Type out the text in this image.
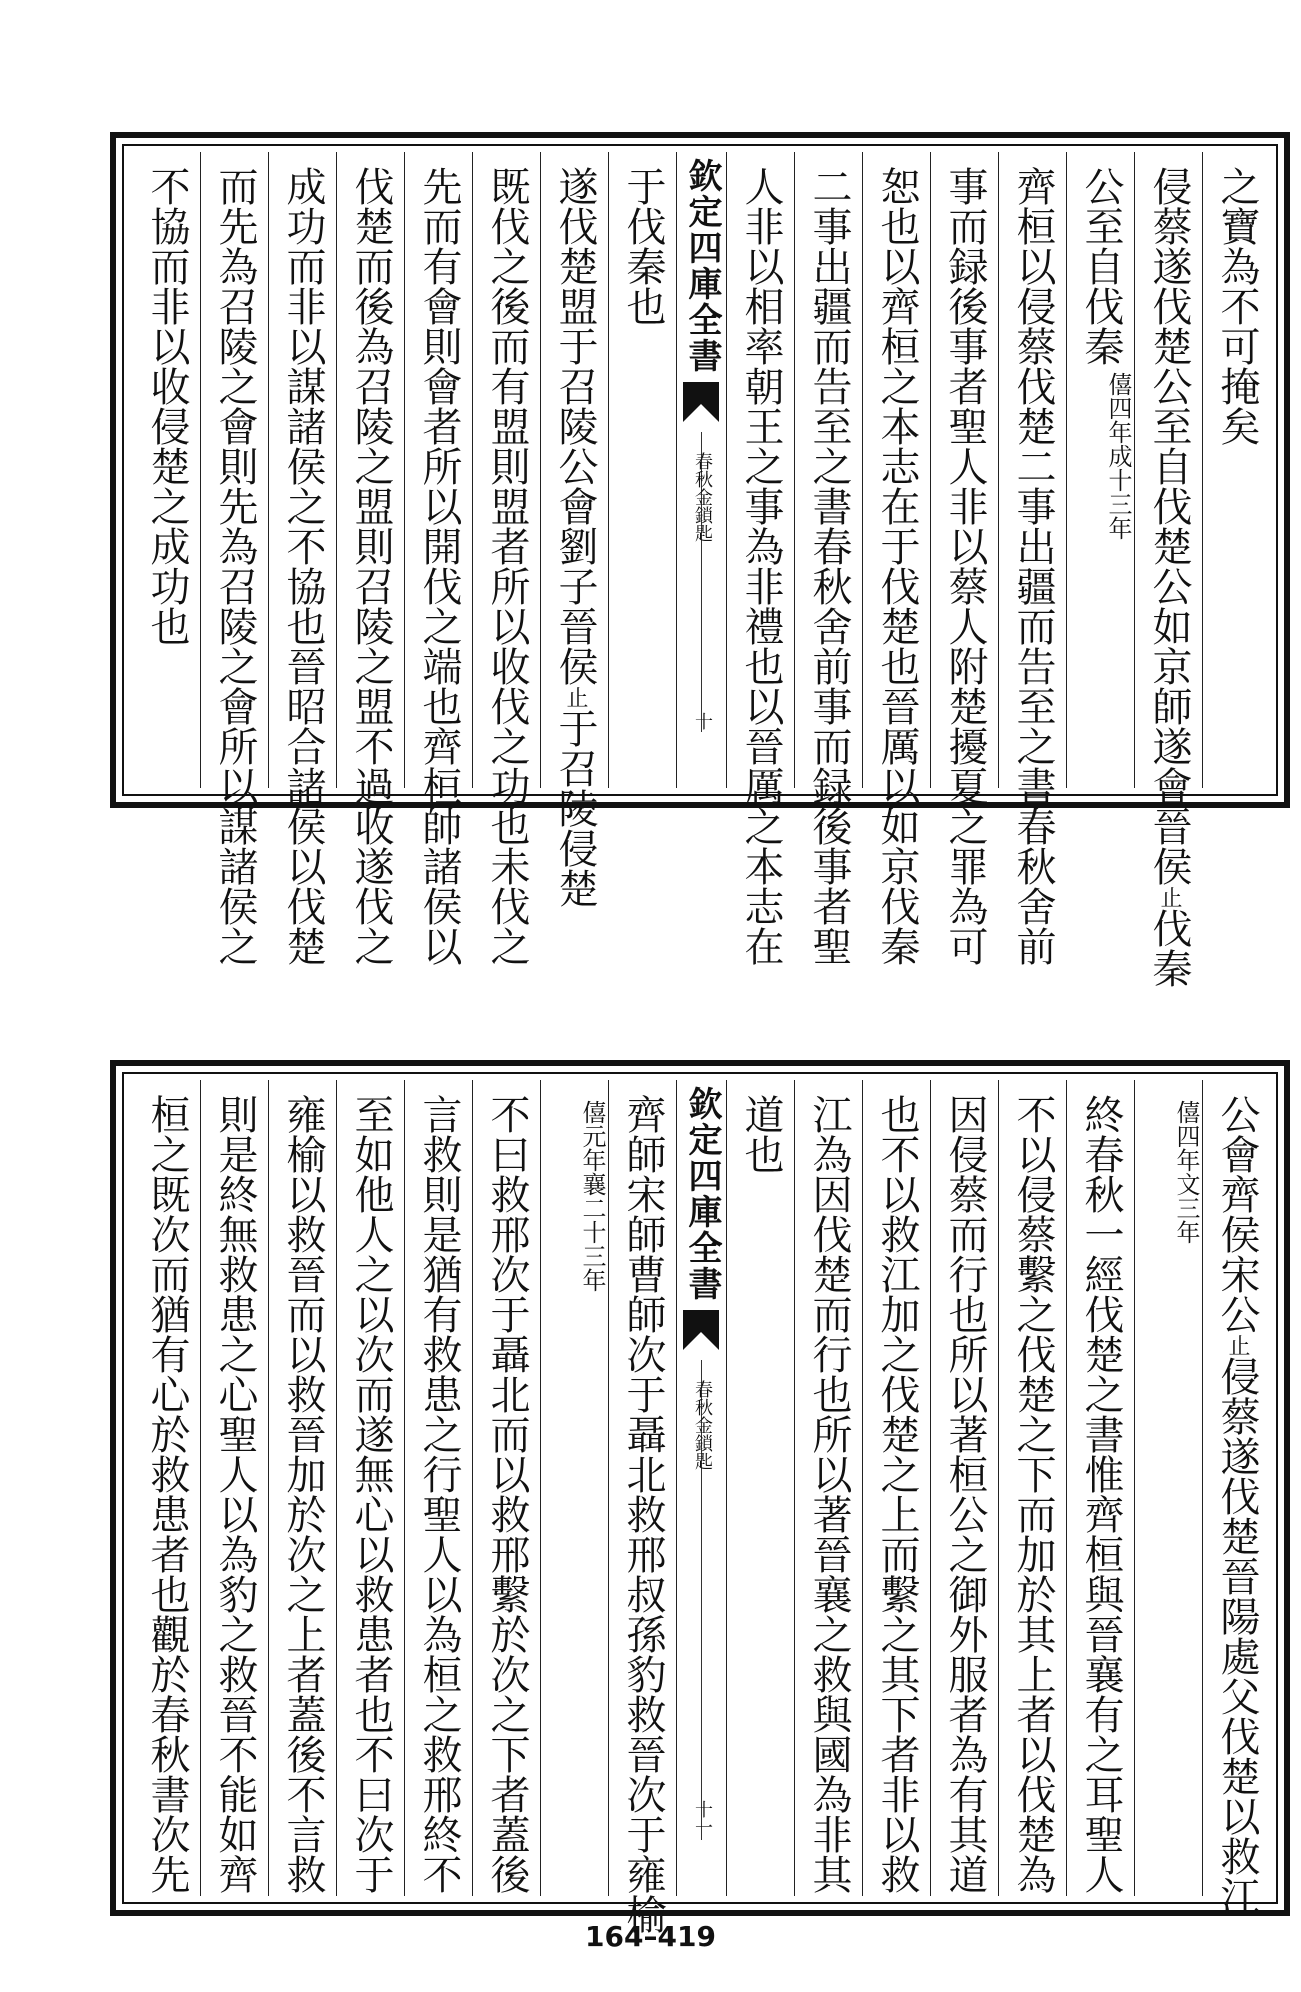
之寶為不可掩矣
侵蔡遂伐楚公至自伐楚公如京師遂會晉侯止伐秦
公至自伐秦
僖四年成十三年
齊桓以侵蔡伐楚二事出疆而告至之書春秋舍前
事而録後事者聖人非以蔡人附楚擾夏之罪為可
恕也以齊桓之本志在于伐楚也晉厲以如京伐秦
二事出疆而告至之書春秋舍前事而録後事者聖
人非以相率朝王之事為非禮也以晉厲之本志在
欽定四庫全書
春秋金鎖匙
十
于伐秦也
遂伐楚盟于召陵公會劉子晉侯止于召陵侵楚
既伐之後而有盟則盟者所以收伐之功也未伐之
先而有會則會者所以開伐之端也齊桓帥諸侯以
伐楚而後為召陵之盟則召陵之盟不過收遂伐之
成功而非以謀諸侯之不協也晉昭合諸侯以伐楚
而先為召陵之會則先為召陵之會所以謀諸侯之
不協而非以收侵楚之成功也
公會齊侯宋公止侵蔡遂伐楚晉陽處父伐楚以救江
僖四年文三年
終春秋一經伐楚之書惟齊桓與晉襄有之耳聖人
不以侵蔡繫之伐楚之下而加於其上者以伐楚為
因侵蔡而行也所以著桓公之御外服者為有其道
也不以救江加之伐楚之上而繫之其下者非以救
江為因伐楚而行也所以著晉襄之救與國為非其
道也
欽定四庫全書
春秋金鎖匙
十一
齊師宋師曹師次于聶北救邢叔孫豹救晉次于雍榆
僖元年襄二十三年
不曰救邢次于聶北而以救邢繫於次之下者蓋後
言救則是猶有救患之行聖人以為桓之救邢終不
至如他人之以次而遂無心以救患者也不曰次于
雍榆以救晉而以救晉加於次之上者蓋後不言救
則是終無救患之心聖人以為豹之救晉不能如齊
桓之既次而猶有心於救患者也觀於春秋書次先
164–419
